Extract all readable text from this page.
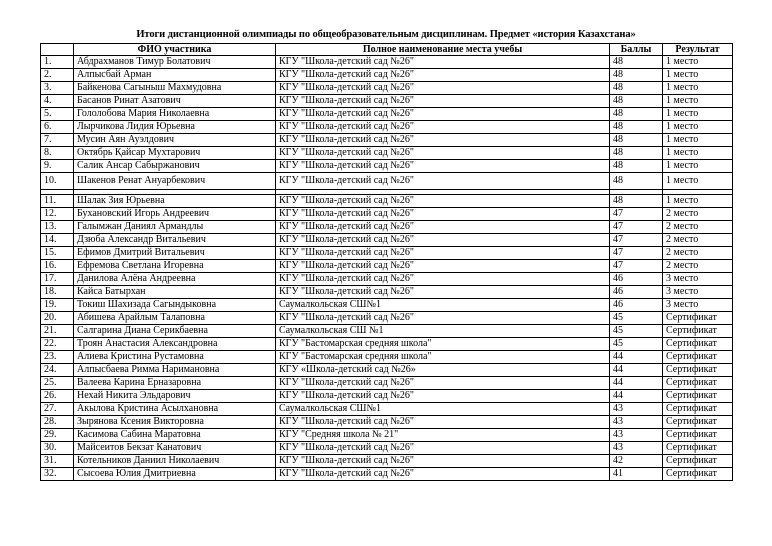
Итоги дистанционной олимпиады по общеобразовательным дисциплинам. Предмет «история Казахстана»
	ФИО участника	Полное наименование места учебы	Баллы	Результат
1.	Абдрахманов Тимур Болатович	КГУ "Школа-детский сад №26"	48	1 место
2.	Алпысбай Арман	КГУ "Школа-детский сад №26"	48	1 место
3.	Байкенова Сагыныш Махмудовна	КГУ "Школа-детский сад №26"	48	1 место
4.	Басанов Ринат Азатович	КГУ "Школа-детский сад №26"	48	1 место
5.	Гололобова Мария Николаевна	КГУ "Школа-детский сад №26"	48	1 место
6.	Лырчикова Лидия Юрьевна	КГУ "Школа-детский сад №26"	48	1 место
7.	Мусин Аян Ауэлдович	КГУ "Школа-детский сад №26"	48	1 место
8.	Октябрь Қайсар Мухтарович	КГУ "Школа-детский сад №26"	48	1 место
9.	Салик Ансар Сабыржанович	КГУ "Школа-детский сад №26"	48	1 место
10.	Шакенов Ренат Ануарбекович	КГУ "Школа-детский сад №26"	48	1 место

11.	Шалак Зия Юрьевна	КГУ "Школа-детский сад №26"	48	1 место
12.	Бухановский Игорь Андреевич	КГУ "Школа-детский сад №26"	47	2 место
13.	Галымжан Даниял Армандлы	КГУ "Школа-детский сад №26"	47	2 место
14.	Дзюба Александр Витальевич	КГУ "Школа-детский сад №26"	47	2 место
15.	Ефимов Дмитрий Витальевич	КГУ "Школа-детский сад №26"	47	2 место
16.	Ефремова Светлана Игоревна	КГУ "Школа-детский сад №26"	47	2 место
17.	Данилова Алёна Андреевна	КГУ "Школа-детский сад №26"	46	3 место
18.	Кайса Батырхан	КГУ "Школа-детский сад №26"	46	3 место
19.	Токиш Шахизада Сагындыковна	Саумалкольская СШ№1	46	3 место
20.	Абишева Арайлым Талаповна	КГУ "Школа-детский сад №26"	45	Сертификат
21.	Салгарина Диана Серикбаевна	Саумалкольская СШ №1	45	Сертификат
22.	Троян Анастасия Александровна	КГУ "Бастомарская средняя школа"	45	Сертификат
23.	Алиева Кристина Рустамовна	КГУ "Бастомарская средняя школа"	44	Сертификат
24.	Алпысбаева Римма Наримановна	КГУ «Школа-детский сад №26»	44	Сертификат
25.	Валеева Карина Ерназаровна	КГУ "Школа-детский сад №26"	44	Сертификат
26.	Нехай Никита Эльдарович	КГУ "Школа-детский сад №26"	44	Сертификат
27.	Акылова Кристина Асылхановна	Саумалкольская СШ№1	43	Сертификат
28.	Зырянова Ксения Викторовна	КГУ "Школа-детский сад №26"	43	Сертификат
29.	Касимова Сабина Маратовна	КГУ "Средняя школа № 21"	43	Сертификат
30.	Майсеитов Бекзат Канатович	КГУ "Школа-детский сад №26"	43	Сертификат
31.	Котельников Даниил Николаевич	КГУ "Школа-детский сад №26"	42	Сертификат
32.	Сысоева Юлия Дмитриевна	КГУ "Школа-детский сад №26"	41	Сертификат
